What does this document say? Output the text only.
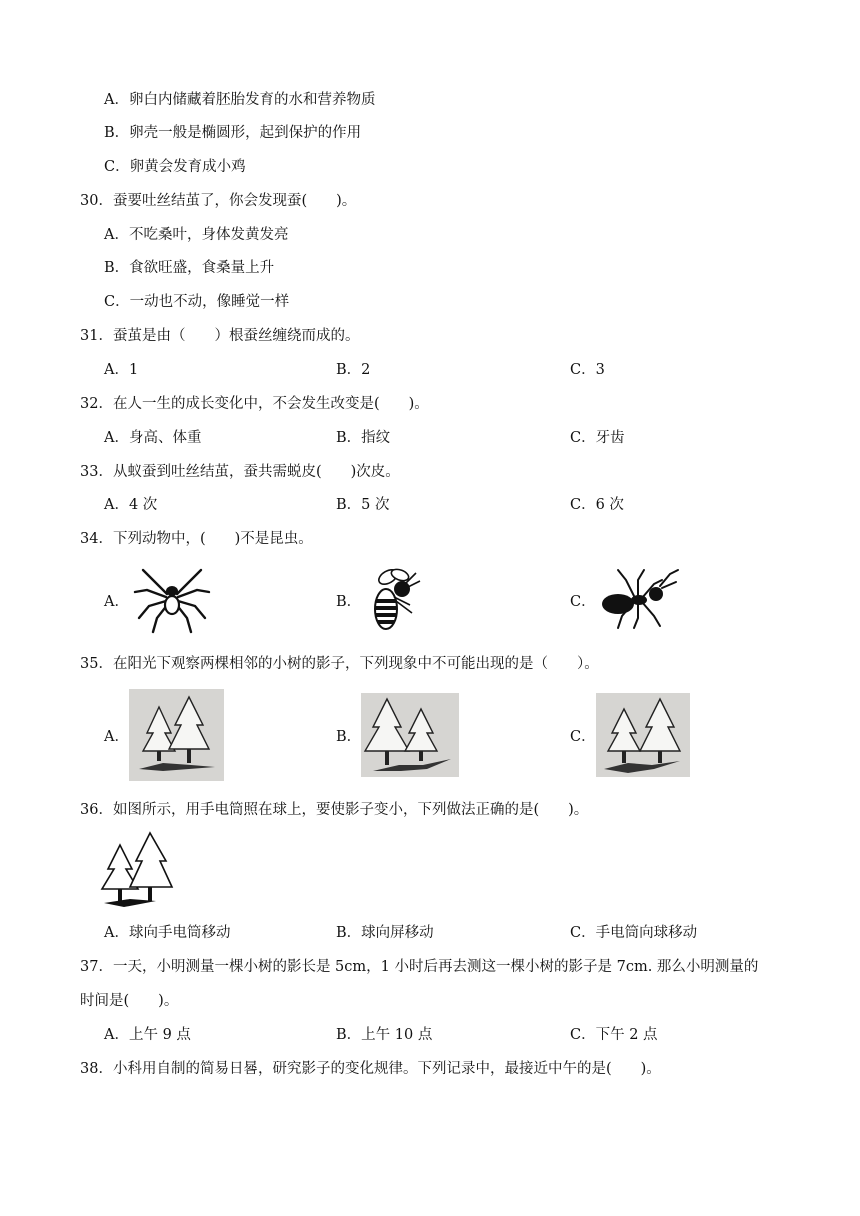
A．卵白内储藏着胚胎发育的水和营养物质
B．卵壳一般是椭圆形，起到保护的作用
C．卵黄会发育成小鸡
30．蚕要吐丝结茧了，你会发现蚕(　　)。
A．不吃桑叶，身体发黄发亮
B．食欲旺盛，食桑量上升
C．一动也不动，像睡觉一样
31．蚕茧是由（　　）根蚕丝缠绕而成的。
A．1	B．2	C．3
32．在人一生的成长变化中，不会发生改变是(　　)。
A．身高、体重	B．指纹	C．牙齿
33．从蚁蚕到吐丝结茧，蚕共需蜕皮(　　)次皮。
A．4 次	B．5 次	C．6 次
34．下列动物中，(　　)不是昆虫。
A．	B．	C．
35．在阳光下观察两棵相邻的小树的影子，下列现象中不可能出现的是（　　）。
A．	B．	C．
36．如图所示，用手电筒照在球上，要使影子变小，下列做法正确的是(　　)。
A．球向手电筒移动	B．球向屏移动	C．手电筒向球移动
37．一天，小明测量一棵小树的影长是 5cm，1 小时后再去测这一棵小树的影子是 7cm. 那么小明测量的
时间是(　　)。
A．上午 9 点	B．上午 10 点	C．下午 2 点
38．小科用自制的简易日晷，研究影子的变化规律。下列记录中，最接近中午的是(　　)。
